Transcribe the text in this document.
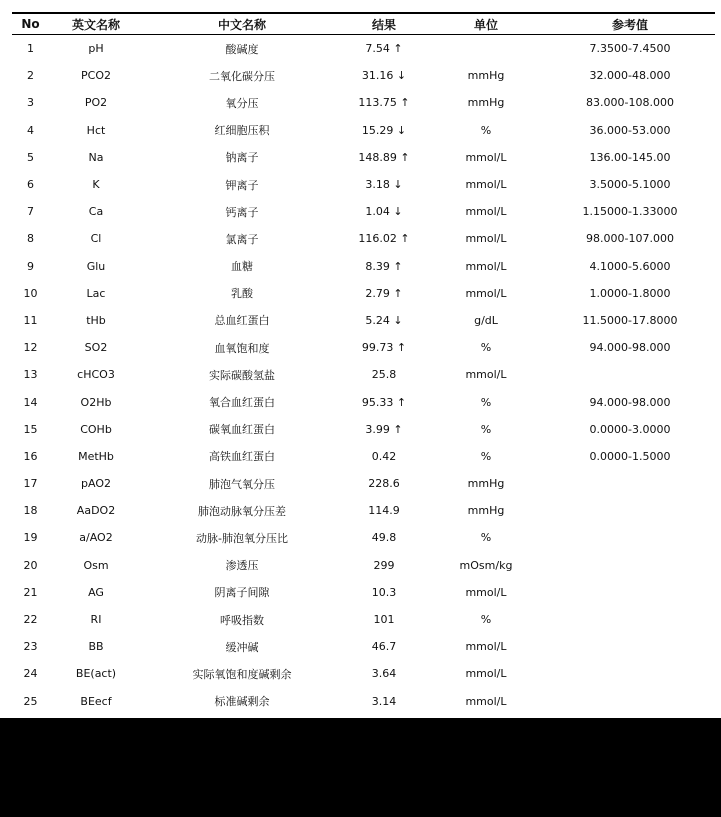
No	英文名称	中文名称	结果	单位	参考值
1	pH	酸碱度	7.54 ↑		7.3500-7.4500
2	PCO2	二氧化碳分压	31.16 ↓	mmHg	32.000-48.000
3	PO2	氧分压	113.75 ↑	mmHg	83.000-108.000
4	Hct	红细胞压积	15.29 ↓	%	36.000-53.000
5	Na	钠离子	148.89 ↑	mmol/L	136.00-145.00
6	K	钾离子	3.18 ↓	mmol/L	3.5000-5.1000
7	Ca	钙离子	1.04 ↓	mmol/L	1.15000-1.33000
8	Cl	氯离子	116.02 ↑	mmol/L	98.000-107.000
9	Glu	血糖	8.39 ↑	mmol/L	4.1000-5.6000
10	Lac	乳酸	2.79 ↑	mmol/L	1.0000-1.8000
11	tHb	总血红蛋白	5.24 ↓	g/dL	11.5000-17.8000
12	SO2	血氧饱和度	99.73 ↑	%	94.000-98.000
13	cHCO3	实际碳酸氢盐	25.8	mmol/L	
14	O2Hb	氧合血红蛋白	95.33 ↑	%	94.000-98.000
15	COHb	碳氧血红蛋白	3.99 ↑	%	0.0000-3.0000
16	MetHb	高铁血红蛋白	0.42	%	0.0000-1.5000
17	pAO2	肺泡气氧分压	228.6	mmHg	
18	AaDO2	肺泡动脉氧分压差	114.9	mmHg	
19	a/AO2	动脉-肺泡氧分压比	49.8	%	
20	Osm	渗透压	299	mOsm/kg	
21	AG	阴离子间隙	10.3	mmol/L	
22	RI	呼吸指数	101	%	
23	BB	缓冲碱	46.7	mmol/L	
24	BE(act)	实际氧饱和度碱剩余	3.64	mmol/L	
25	BEecf	标准碱剩余	3.14	mmol/L	
